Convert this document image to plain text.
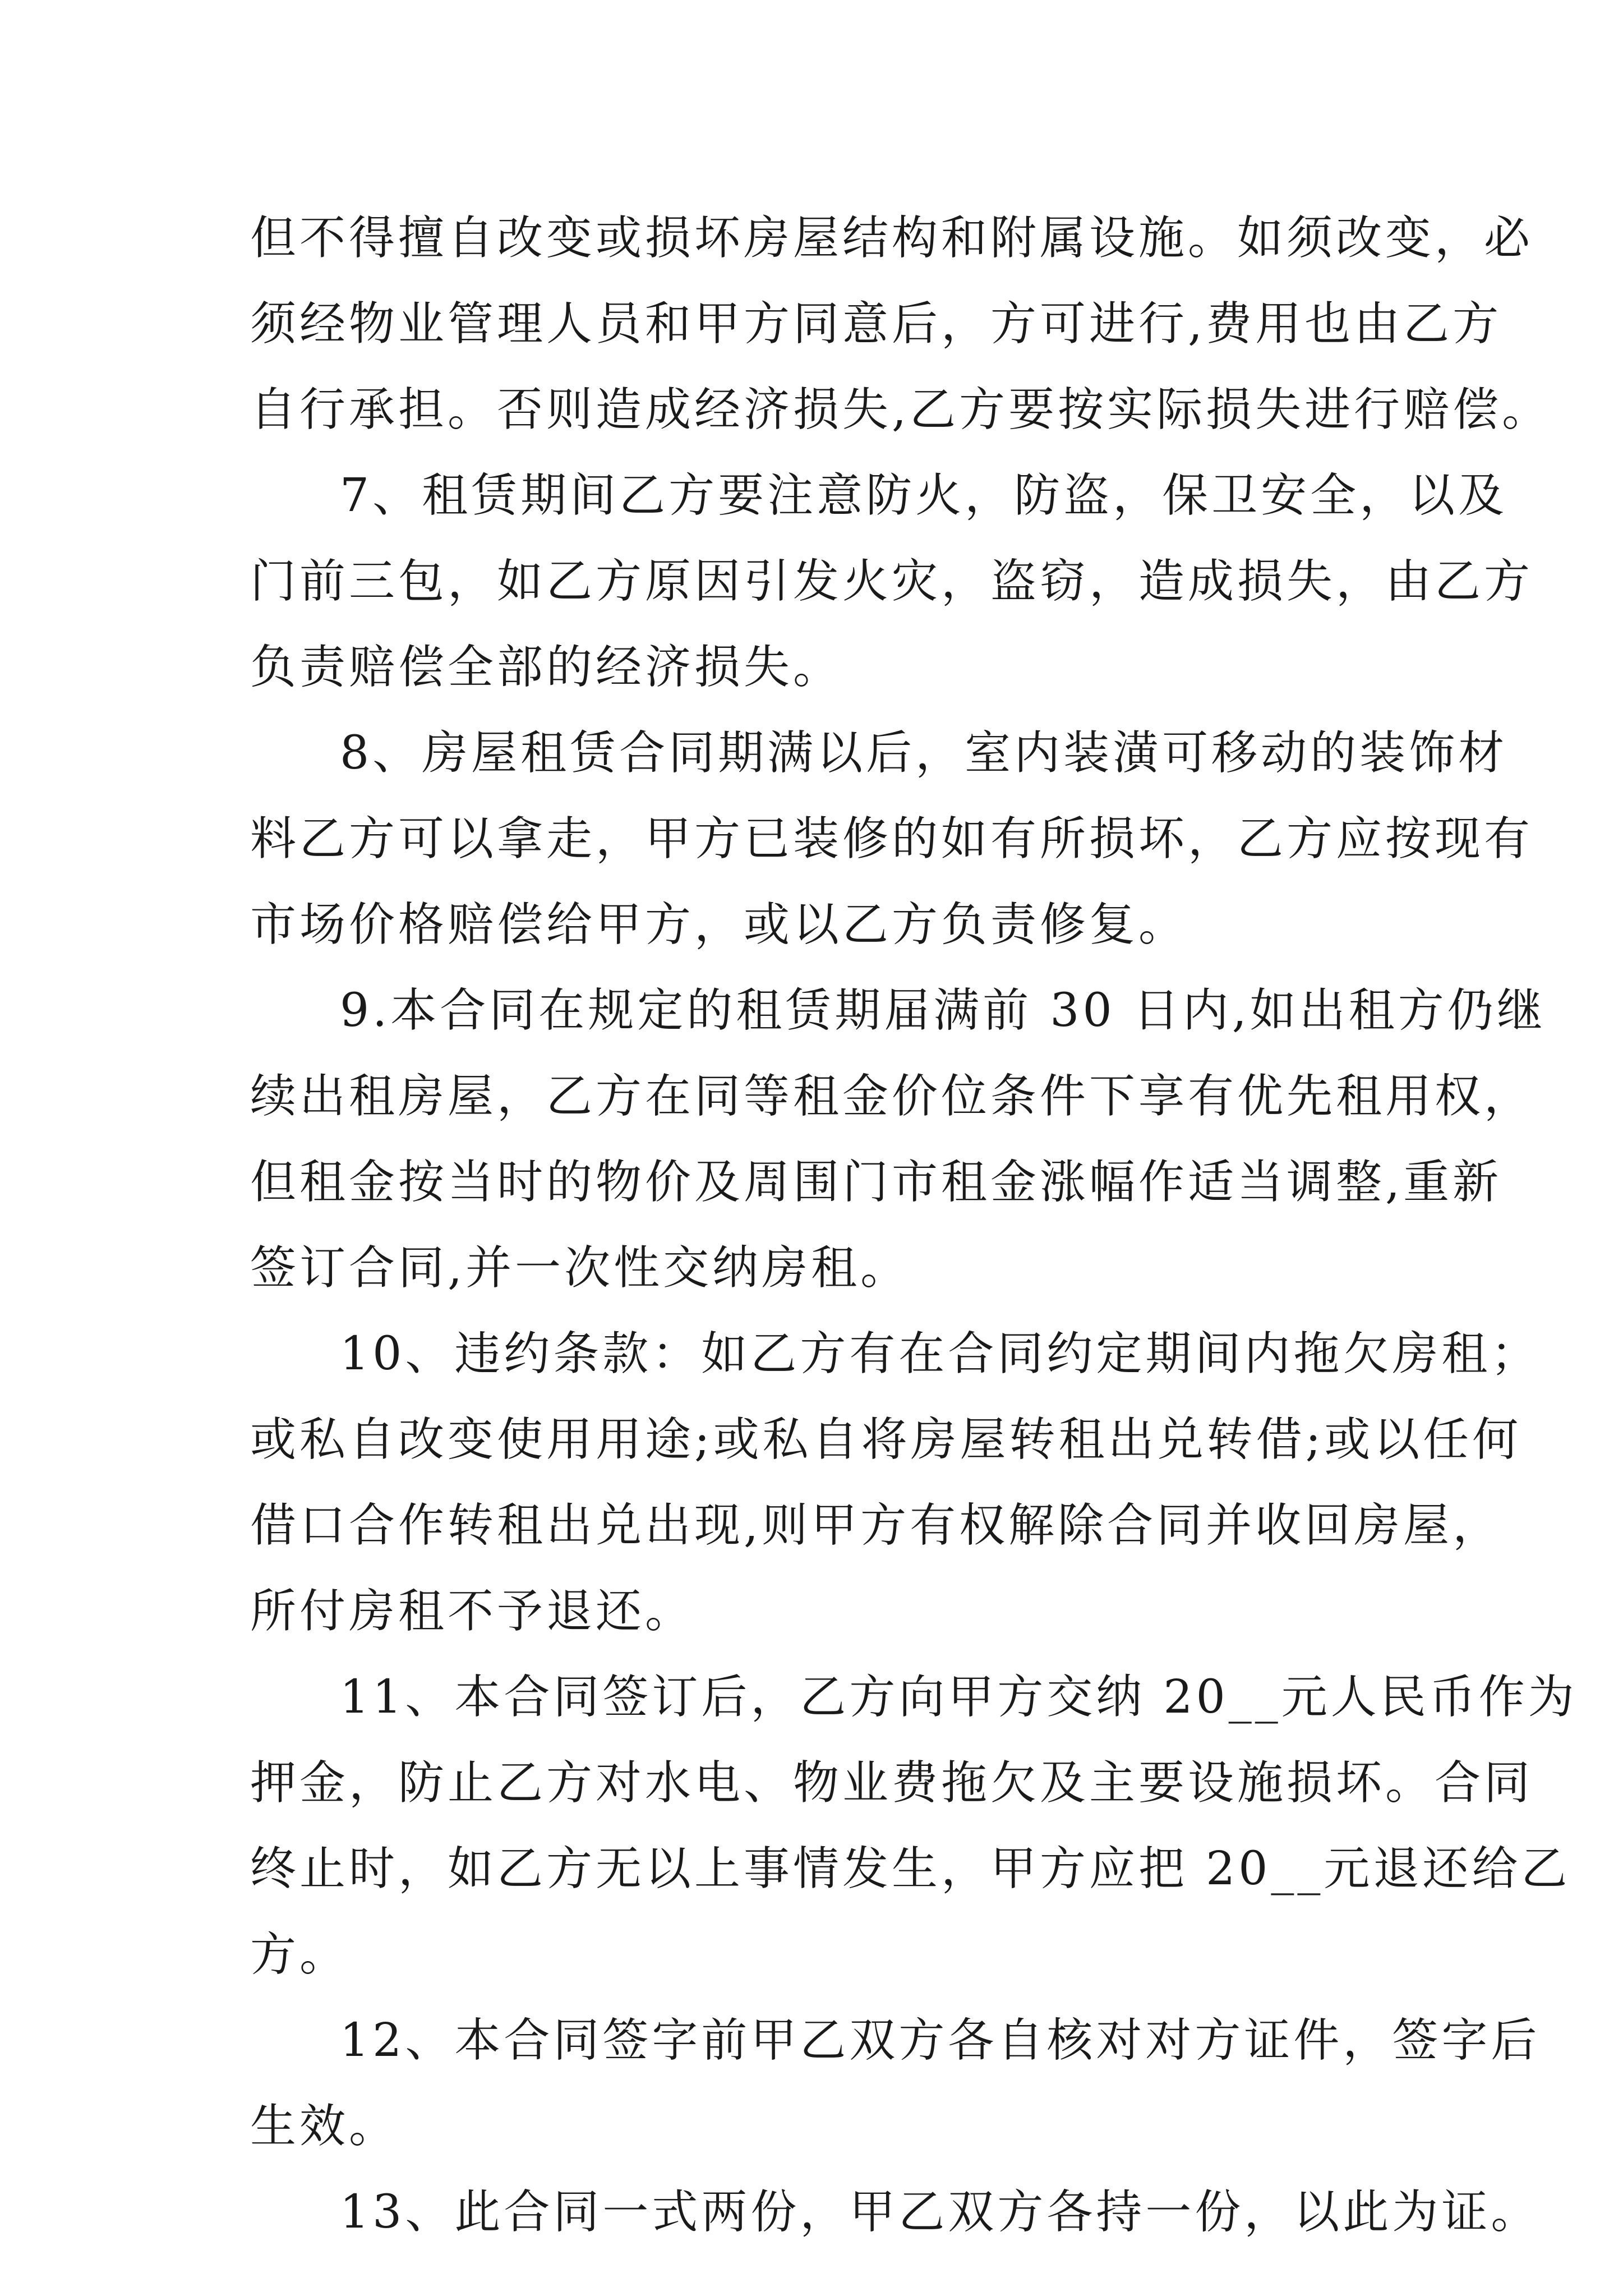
但不得擅自改变或损坏房屋结构和附属设施。如须改变，必
须经物业管理人员和甲方同意后，方可进行,费用也由乙方
自行承担。否则造成经济损失,乙方要按实际损失进行赔偿。
7、租赁期间乙方要注意防火，防盗，保卫安全，以及
门前三包，如乙方原因引发火灾，盗窃，造成损失，由乙方
负责赔偿全部的经济损失。
8、房屋租赁合同期满以后，室内装潢可移动的装饰材
料乙方可以拿走，甲方已装修的如有所损坏，乙方应按现有
市场价格赔偿给甲方，或以乙方负责修复。
9.本合同在规定的租赁期届满前 30 日内,如出租方仍继
续出租房屋，乙方在同等租金价位条件下享有优先租用权，
但租金按当时的物价及周围门市租金涨幅作适当调整,重新
签订合同,并一次性交纳房租。
10、违约条款：如乙方有在合同约定期间内拖欠房租；
或私自改变使用用途;或私自将房屋转租出兑转借;或以任何
借口合作转租出兑出现,则甲方有权解除合同并收回房屋，
所付房租不予退还。
11、本合同签订后，乙方向甲方交纳 20__元人民币作为
押金，防止乙方对水电、物业费拖欠及主要设施损坏。合同
终止时，如乙方无以上事情发生，甲方应把 20__元退还给乙
方。
12、本合同签字前甲乙双方各自核对对方证件，签字后
生效。
13、此合同一式两份，甲乙双方各持一份，以此为证。
